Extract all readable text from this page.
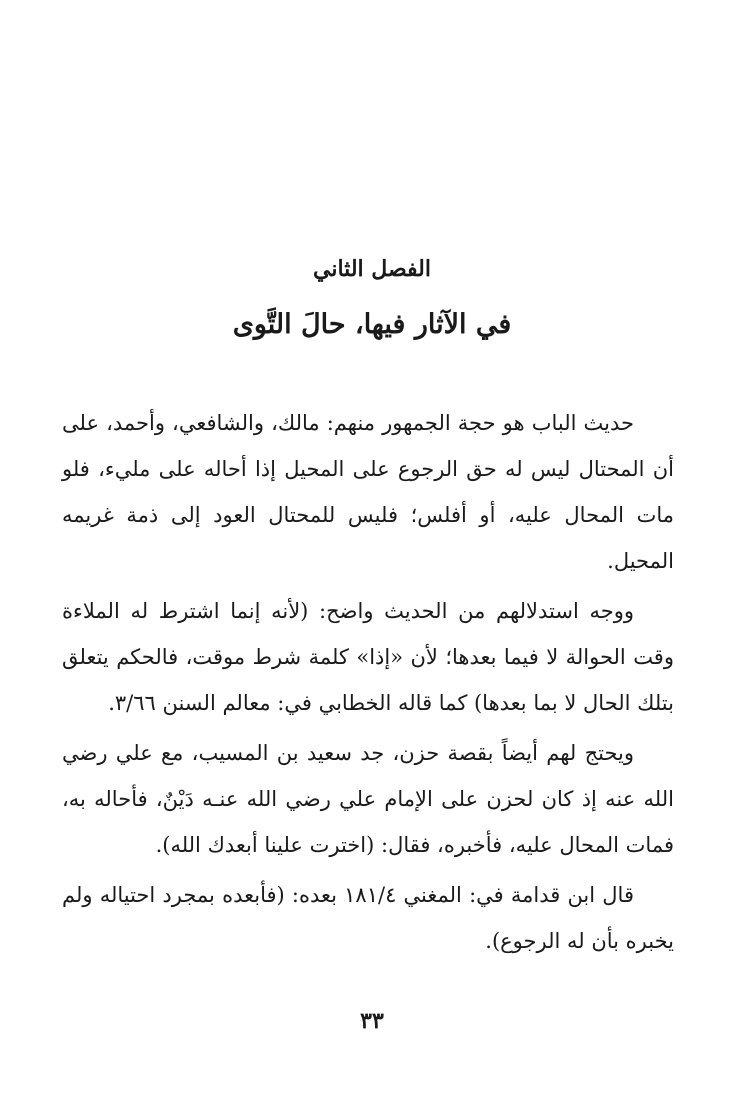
الفصل الثاني
في الآثار فيها، حالَ التَّوى

حديث الباب هو حجة الجمهور منهم: مالك، والشافعي، وأحمد، على أن المحتال ليس له حق الرجوع على المحيل إذا أحاله على مليء، فلو مات المحال عليه، أو أفلس؛ فليس للمحتال العود إلى ذمة غريمه المحيل.

ووجه استدلالهم من الحديث واضح: (لأنه إنما اشترط له الملاءة وقت الحوالة لا فيما بعدها؛ لأن «إذا» كلمة شرط موقت، فالحكم يتعلق بتلك الحال لا بما بعدها) كما قاله الخطابي في: معالم السنن ٣/٦٦.

ويحتج لهم أيضاً بقصة حزن، جد سعيد بن المسيب، مع علي رضي الله عنه إذ كان لحزن على الإمام علي رضي الله عنـه دَيْنٌ، فأحاله به، فمات المحال عليه، فأخبره، فقال: (اخترت علينا أبعدك الله).

قال ابن قدامة في: المغني ١٨١/٤ بعده: (فأبعده بمجرد احتياله ولم يخبره بأن له الرجوع).

٣٣
